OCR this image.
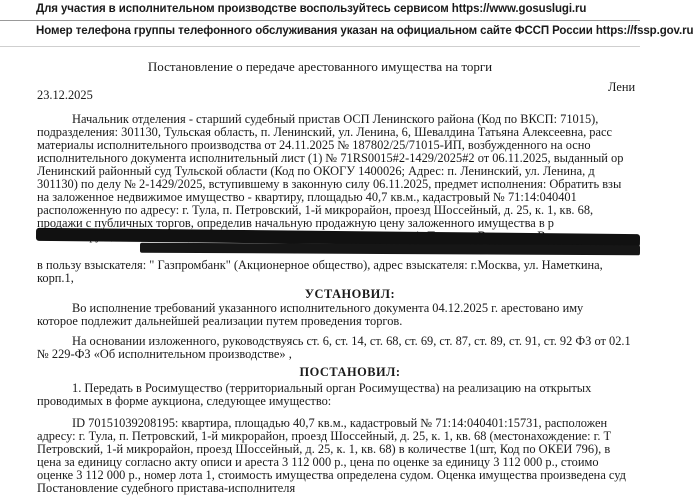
Для участия в исполнительном производстве воспользуйтесь сервисом https://www.gosuslugi.ru
Номер телефона группы телефонного обслуживания указан на официальном сайте ФССП России https://fssp.gov.ru
Постановление о передаче арестованного имущества на торги
23.12.2025
Лени
Начальник отделения - старший судебный пристав ОСП Ленинского района (Код по ВКСП: 71015),
подразделения: 301130, Тульская область, п. Ленинский, ул. Ленина, 6, Шевалдина Татьяна Алексеевна, расс
материалы исполнительного производства от 24.11.2025 № 187802/25/71015-ИП, возбужденного на осно
исполнительного документа исполнительный лист (1) № 71RS0015#2-1429/2025#2 от 06.11.2025, выданный ор
Ленинский районный суд Тульской области (Код по ОКОГУ 1400026; Адрес: п. Ленинский, ул. Ленина, д
301130) по делу № 2-1429/2025, вступившему в законную силу 06.11.2025, предмет исполнения: Обратить взы
на заложенное недвижимое имущество - квартиру, площадью 40,7 кв.м., кадастровый № 71:14:040401
расположенную по адресу: г. Тула, п. Петровский, 1-й микрорайон, проезд Шоссейный, д. 25, к. 1, кв. 68,
продажи с публичных торгов, определив начальную продажную цену заложенного имущества в р
в пользу взыскателя: " Газпромбанк" (Акционерное общество), адрес взыскателя: г.Москва, ул. Наметкина,
корп.1,
УСТАНОВИЛ:
Во исполнение требований указанного исполнительного документа 04.12.2025 г. арестовано иму
которое подлежит дальнейшей реализации путем проведения торгов.
На основании изложенного, руководствуясь ст. 6, ст. 14, ст. 68, ст. 69, ст. 87, ст. 89, ст. 91, ст. 92 ФЗ от 02.1
№ 229-ФЗ «Об исполнительном производстве» ,
ПОСТАНОВИЛ:
1. Передать в Росимущество (территориальный орган Росимущества) на реализацию на открытых
проводимых в форме аукциона, следующее имущество:
ID 70151039208195: квартира, площадью 40,7 кв.м., кадастровый № 71:14:040401:15731, расположен
адресу: г. Тула, п. Петровский, 1-й микрорайон, проезд Шоссейный, д. 25, к. 1, кв. 68 (местонахождение: г. Т
Петровский, 1-й микрорайон, проезд Шоссейный, д. 25, к. 1, кв. 68) в количестве 1(шт, Код по ОКЕИ 796), в
цена за единицу согласно акту описи и ареста 3 112 000 р., цена по оценке за единицу 3 112 000 р., стоимо
оценке 3 112 000 р., номер лота 1, стоимость имущества определена судом. Оценка имущества произведена суд
Постановление судебного пристава-исполнителя
